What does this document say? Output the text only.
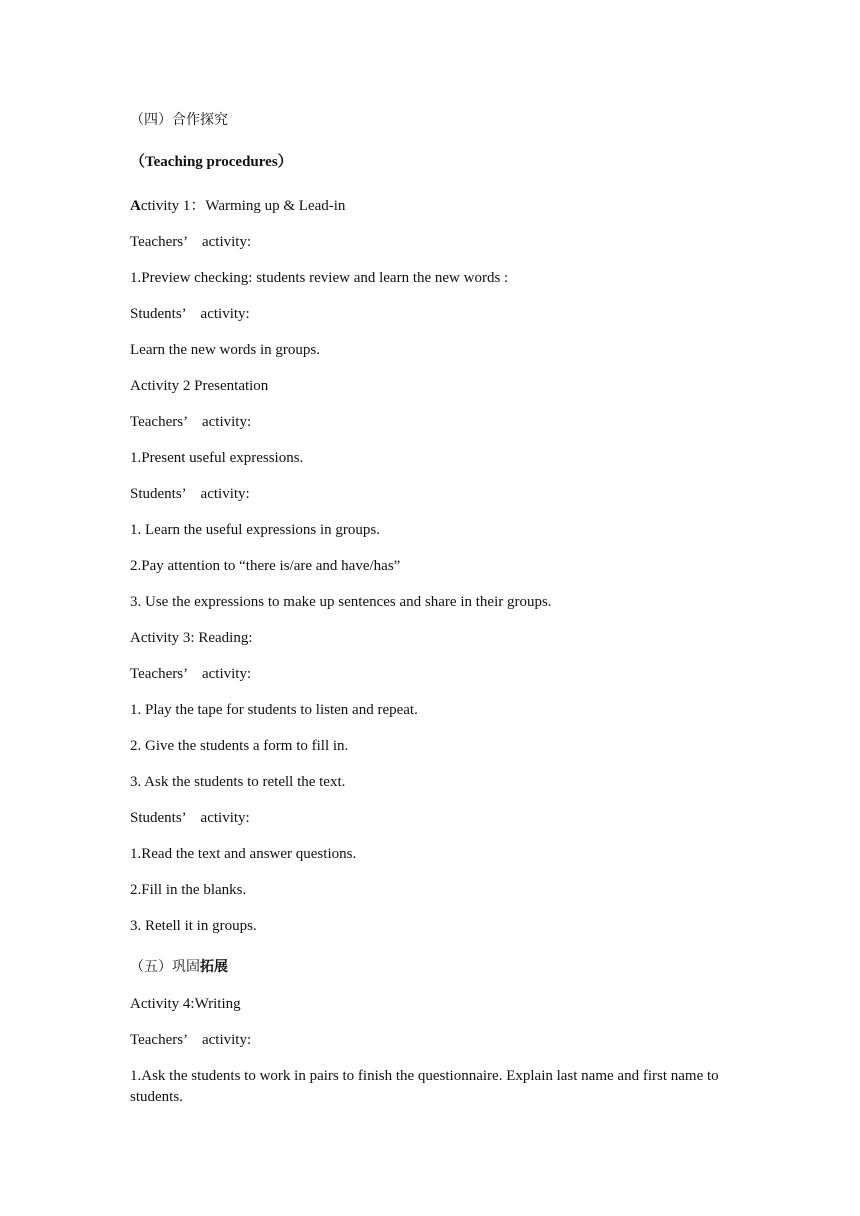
（四）合作探究
（Teaching procedures）
Activity 1：Warming up & Lead-in
Teachers’　activity:
1.Preview checking: students review and learn the new words :
Students’　activity:
Learn the new words in groups.
Activity 2 Presentation
Teachers’　activity:
1.Present useful expressions.
Students’　activity:
1. Learn the useful expressions in groups.
2.Pay attention to “there is/are and have/has”
3. Use the expressions to make up sentences and share in their groups.
Activity 3: Reading:
Teachers’　activity:
1. Play the tape for students to listen and repeat.
2. Give the students a form to fill in.
3. Ask the students to retell the text.
Students’　activity:
1.Read the text and answer questions.
2.Fill in the blanks.
3. Retell it in groups.
（五）巩固拓展
Activity 4:Writing
Teachers’　activity:
1.Ask the students to work in pairs to finish the questionnaire. Explain last name and first name to students.
